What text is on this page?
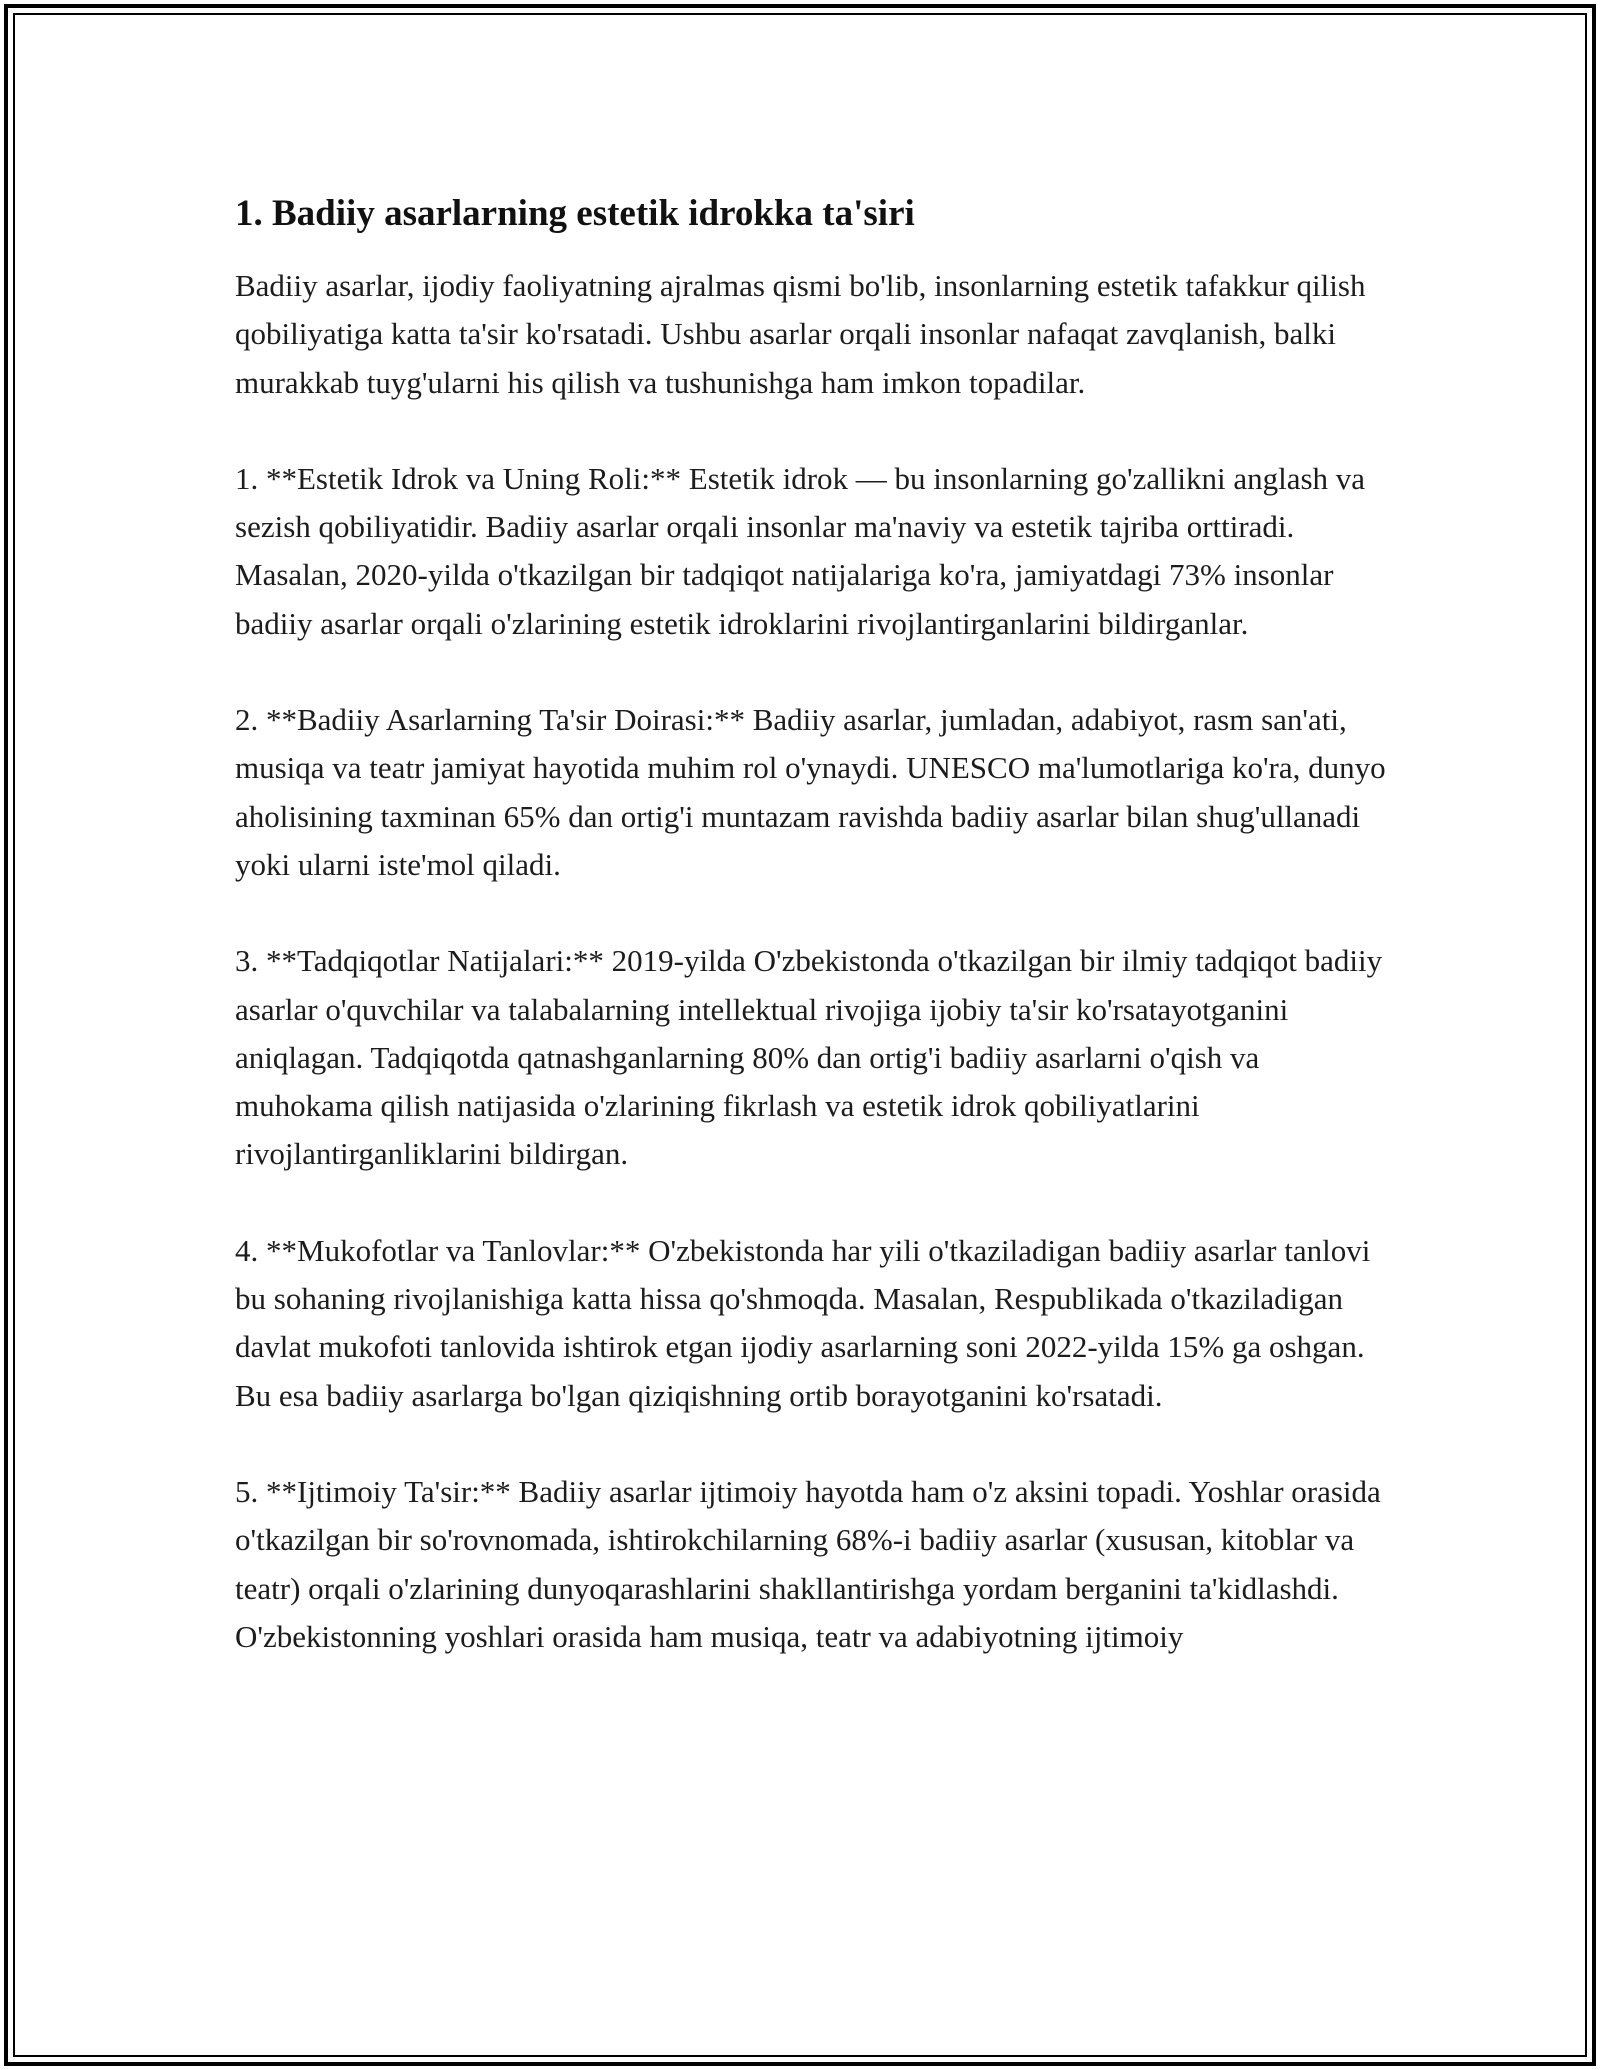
1. Badiiy asarlarning estetik idrokka ta'siri

Badiiy asarlar, ijodiy faoliyatning ajralmas qismi bo'lib, insonlarning estetik tafakkur qilish qobiliyatiga katta ta'sir ko'rsatadi. Ushbu asarlar orqali insonlar nafaqat zavqlanish, balki murakkab tuyg'ularni his qilish va tushunishga ham imkon topadilar.

1. **Estetik Idrok va Uning Roli:** Estetik idrok — bu insonlarning go'zallikni anglash va sezish qobiliyatidir. Badiiy asarlar orqali insonlar ma'naviy va estetik tajriba orttiradi. Masalan, 2020-yilda o'tkazilgan bir tadqiqot natijalariga ko'ra, jamiyatdagi 73% insonlar badiiy asarlar orqali o'zlarining estetik idroklarini rivojlantirganlarini bildirganlar.

2. **Badiiy Asarlarning Ta'sir Doirasi:** Badiiy asarlar, jumladan, adabiyot, rasm san'ati, musiqa va teatr jamiyat hayotida muhim rol o'ynaydi. UNESCO ma'lumotlariga ko'ra, dunyo aholisining taxminan 65% dan ortig'i muntazam ravishda badiiy asarlar bilan shug'ullanadi yoki ularni iste'mol qiladi.

3. **Tadqiqotlar Natijalari:** 2019-yilda O'zbekistonda o'tkazilgan bir ilmiy tadqiqot badiiy asarlar o'quvchilar va talabalarning intellektual rivojiga ijobiy ta'sir ko'rsatayotganini aniqlagan. Tadqiqotda qatnashganlarning 80% dan ortig'i badiiy asarlarni o'qish va muhokama qilish natijasida o'zlarining fikrlash va estetik idrok qobiliyatlarini rivojlantirganliklarini bildirgan.

4. **Mukofotlar va Tanlovlar:** O'zbekistonda har yili o'tkaziladigan badiiy asarlar tanlovi bu sohaning rivojlanishiga katta hissa qo'shmoqda. Masalan, Respublikada o'tkaziladigan davlat mukofoti tanlovida ishtirok etgan ijodiy asarlarning soni 2022-yilda 15% ga oshgan. Bu esa badiiy asarlarga bo'lgan qiziqishning ortib borayotganini ko'rsatadi.

5. **Ijtimoiy Ta'sir:** Badiiy asarlar ijtimoiy hayotda ham o'z aksini topadi. Yoshlar orasida o'tkazilgan bir so'rovnomada, ishtirokchilarning 68%-i badiiy asarlar (xususan, kitoblar va teatr) orqali o'zlarining dunyoqarashlarini shakllantirishga yordam berganini ta'kidlashdi. O'zbekistonning yoshlari orasida ham musiqa, teatr va adabiyotning ijtimoiy
